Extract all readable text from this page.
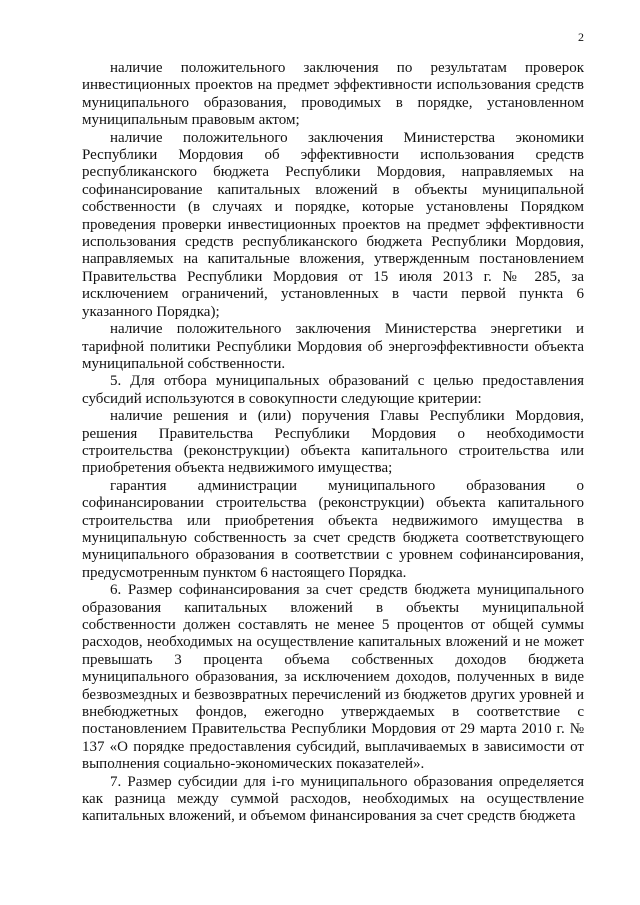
2

наличие положительного заключения по результатам проверок инвестиционных проектов на предмет эффективности использования средств муниципального образования, проводимых в порядке, установленном муниципальным правовым актом;

наличие положительного заключения Министерства экономики Республики Мордовия об эффективности использования средств республиканского бюджета Республики Мордовия, направляемых на софинансирование капитальных вложений в объекты муниципальной собственности (в случаях и порядке, которые установлены Порядком проведения проверки инвестиционных проектов на предмет эффективности использования средств республиканского бюджета Республики Мордовия, направляемых на капитальные вложения, утвержденным постановлением Правительства Республики Мордовия от 15 июля 2013 г. № 285, за исключением ограничений, установленных в части первой пункта 6 указанного Порядка);

наличие положительного заключения Министерства энергетики и тарифной политики Республики Мордовия об энергоэффективности объекта муниципальной собственности.

5. Для отбора муниципальных образований с целью предоставления субсидий используются в совокупности следующие критерии:

наличие решения и (или) поручения Главы Республики Мордовия, решения Правительства Республики Мордовия о необходимости строительства (реконструкции) объекта капитального строительства или приобретения объекта недвижимого имущества;

гарантия администрации муниципального образования о софинансировании строительства (реконструкции) объекта капитального строительства или приобретения объекта недвижимого имущества в муниципальную собственность за счет средств бюджета соответствующего муниципального образования в соответствии с уровнем софинансирования, предусмотренным пунктом 6 настоящего Порядка.

6. Размер софинансирования за счет средств бюджета муниципального образования капитальных вложений в объекты муниципальной собственности должен составлять не менее 5 процентов от общей суммы расходов, необходимых на осуществление капитальных вложений и не может превышать 3 процента объема собственных доходов бюджета муниципального образования, за исключением доходов, полученных в виде безвозмездных и безвозвратных перечислений из бюджетов других уровней и внебюджетных фондов, ежегодно утверждаемых в соответствие с постановлением Правительства Республики Мордовия от 29 марта 2010 г. № 137 «О порядке предоставления субсидий, выплачиваемых в зависимости от выполнения социально-экономических показателей».

7. Размер субсидии для i-го муниципального образования определяется как разница между суммой расходов, необходимых на осуществление капитальных вложений, и объемом финансирования за счет средств бюджета
